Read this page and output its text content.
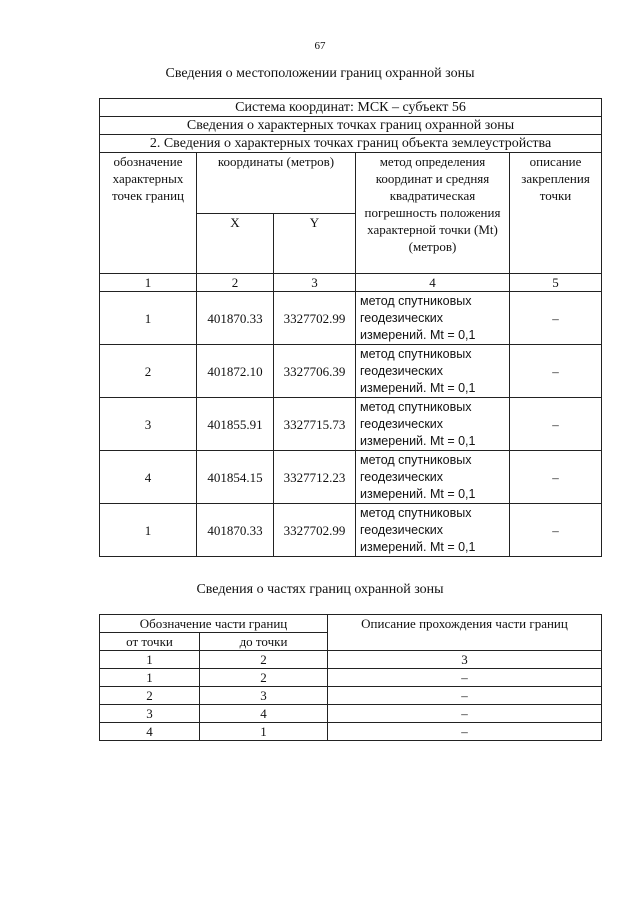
67
Сведения о местоположении границ охранной зоны
Система координат: МСК – субъект 56				
Сведения о характерных точках границ охранной зоны				
2. Сведения о характерных точках границ объекта землеустройства				
обозначение характерных точек границ	координаты (метров)		метод определения координат и средняя квадратическая погрешность положения характерной точки (Mt) (метров)	описание закрепления точки
	X	Y		
1	2	3	4	5
1	401870.33	3327702.99	метод спутниковых геодезических измерений. Mt = 0,1	–
2	401872.10	3327706.39	метод спутниковых геодезических измерений. Mt = 0,1	–
3	401855.91	3327715.73	метод спутниковых геодезических измерений. Mt = 0,1	–
4	401854.15	3327712.23	метод спутниковых геодезических измерений. Mt = 0,1	–
1	401870.33	3327702.99	метод спутниковых геодезических измерений. Mt = 0,1	–
Сведения о частях границ охранной зоны
Обозначение части границ		Описание прохождения части границ
от точки	до точки	
1	2	3
1	2	–
2	3	–
3	4	–
4	1	–
